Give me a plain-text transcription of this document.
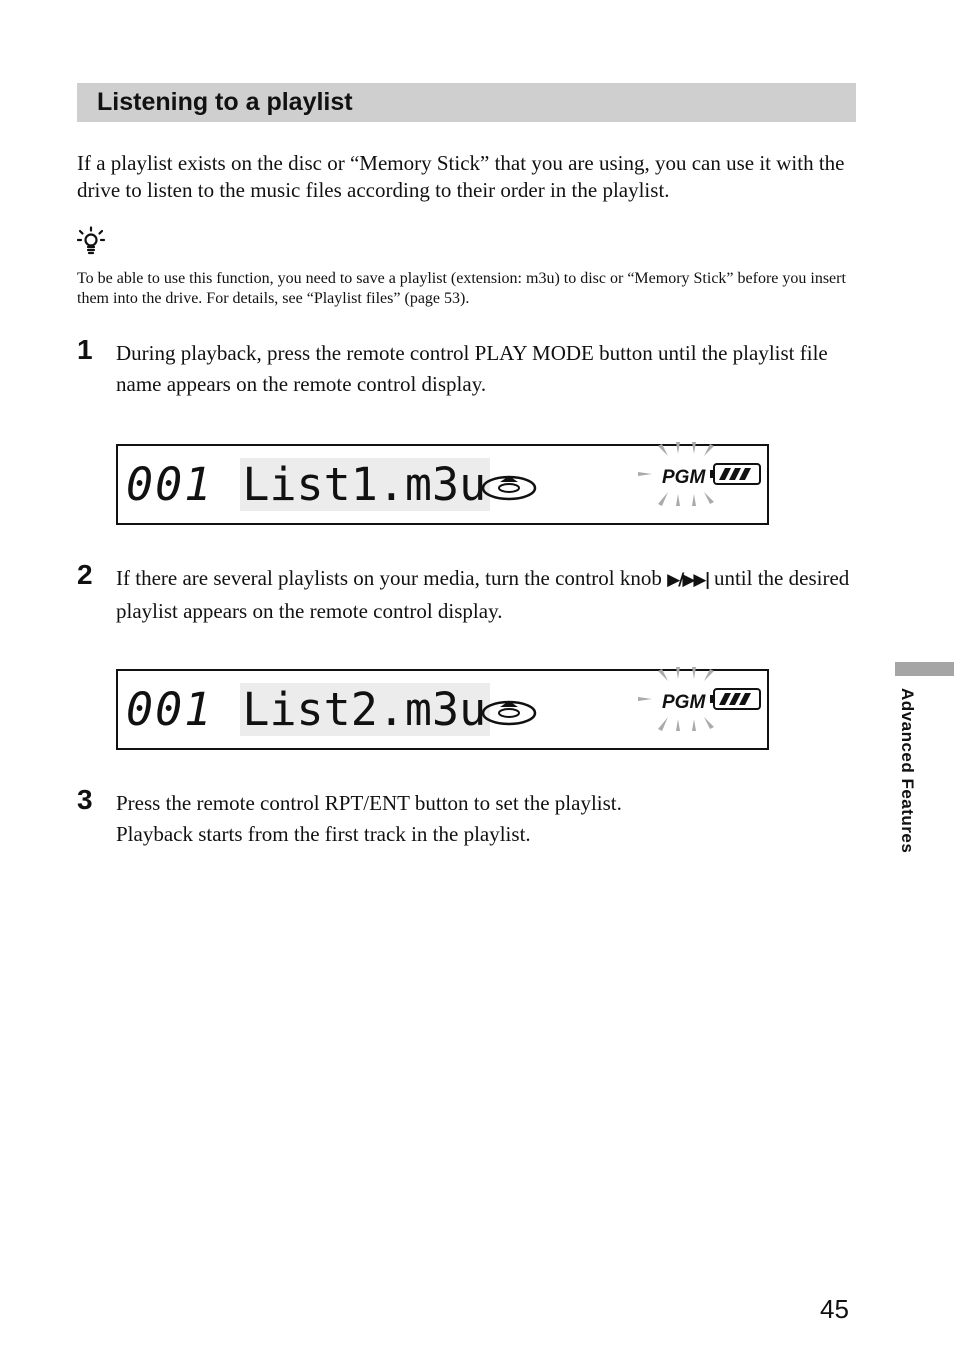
Listening to a playlist

If a playlist exists on the disc or “Memory Stick” that you are using, you can use it with the drive to listen to the music files according to their order in the playlist.

To be able to use this function, you need to save a playlist (extension: m3u) to disc or “Memory Stick” before you insert them into the drive. For details, see “Playlist files” (page 53).

1 During playback, press the remote control PLAY MODE button until the playlist file name appears on the remote control display.

001 List1.m3u	PGM

2 If there are several playlists on your media, turn the control knob ▶/▶▶| until the desired playlist appears on the remote control display.

001 List2.m3u	PGM

3 Press the remote control RPT/ENT button to set the playlist.
Playback starts from the first track in the playlist.	Advanced Features

45
